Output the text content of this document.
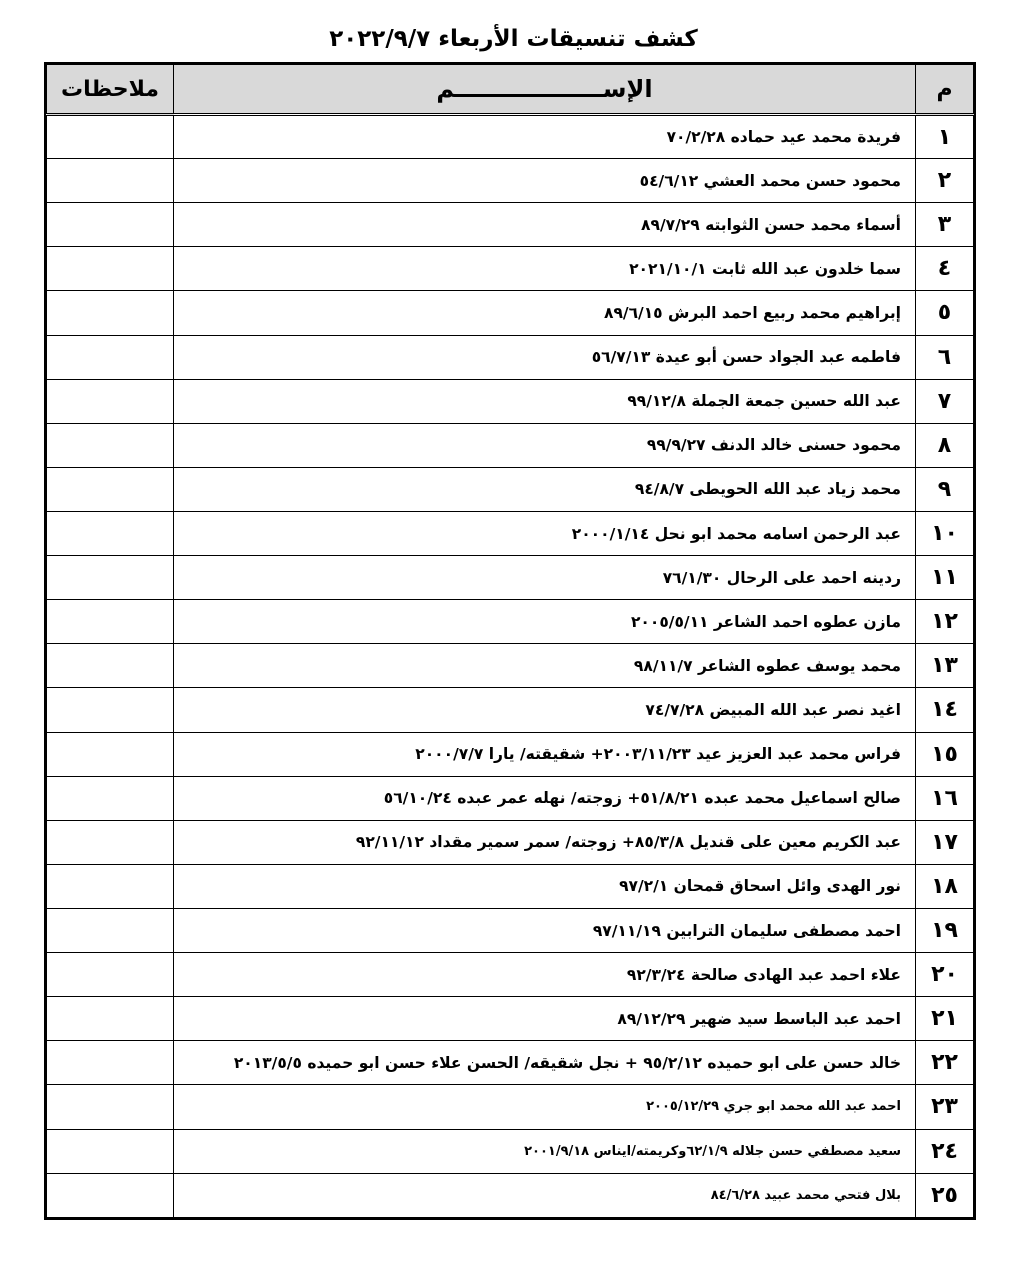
كشف تنسيقات الأربعاء ٢٠٢٢/٩/٧
م	الإســــــــــــــــــم	ملاحظات
١	فريدة محمد عيد حماده ٧٠/٢/٢٨	
٢	محمود حسن محمد العشي ٥٤/٦/١٢	
٣	أسماء محمد حسن الثوابته ٨٩/٧/٢٩	
٤	سما خلدون عبد الله ثابت ٢٠٢١/١٠/١	
٥	إبراهيم محمد ربيع احمد البرش ٨٩/٦/١٥	
٦	فاطمه عبد الجواد حسن أبو عيدة ٥٦/٧/١٣	
٧	عبد الله حسين جمعة الجملة ٩٩/١٢/٨	
٨	محمود حسنى خالد الدنف ٩٩/٩/٢٧	
٩	محمد زياد عبد الله الحويطى ٩٤/٨/٧	
١٠	عبد الرحمن اسامه محمد ابو نحل ٢٠٠٠/١/١٤	
١١	ردينه احمد على الرحال ٧٦/١/٣٠	
١٢	مازن عطوه احمد الشاعر ٢٠٠٥/٥/١١	
١٣	محمد يوسف عطوه الشاعر ٩٨/١١/٧	
١٤	اغيد نصر عبد الله المبيض ٧٤/٧/٢٨	
١٥	فراس محمد عبد العزيز عيد ٢٠٠٣/١١/٢٣+ شقيقته/ يارا ٢٠٠٠/٧/٧	
١٦	صالح اسماعيل محمد عبده ٥١/٨/٢١+ زوجته/ نهله عمر عبده ٥٦/١٠/٢٤	
١٧	عبد الكريم معين على قنديل ٨٥/٣/٨+ زوجته/ سمر سمير مقداد ٩٢/١١/١٢	
١٨	نور الهدى وائل اسحاق قمحان ٩٧/٢/١	
١٩	احمد مصطفى سليمان الترابين ٩٧/١١/١٩	
٢٠	علاء احمد عبد الهادى صالحة ٩٢/٣/٢٤	
٢١	احمد عبد الباسط سيد ضهير ٨٩/١٢/٢٩	
٢٢	خالد حسن على ابو حميده ٩٥/٢/١٢ + نجل شقيقه/ الحسن علاء حسن ابو حميده ٢٠١٣/٥/٥	
٢٣	احمد عبد الله محمد ابو جري ٢٠٠٥/١٢/٢٩	
٢٤	سعيد مصطفي حسن جلاله ٦٢/١/٩وكريمته/ايناس ٢٠٠١/٩/١٨	
٢٥	بلال فتحي محمد عبيد ٨٤/٦/٢٨	
